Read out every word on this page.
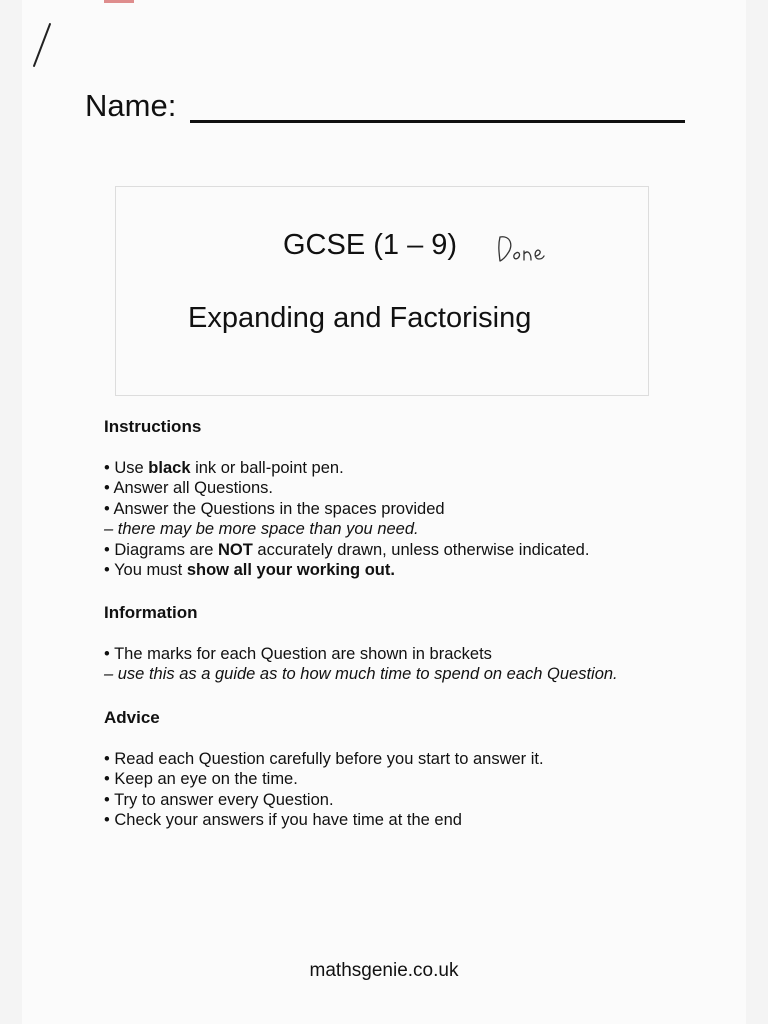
Name:
GCSE (1 – 9)
Expanding and Factorising
Instructions
• Use black ink or ball-point pen.
• Answer all Questions.
• Answer the Questions in the spaces provided
– there may be more space than you need.
• Diagrams are NOT accurately drawn, unless otherwise indicated.
• You must show all your working out.
Information
• The marks for each Question are shown in brackets
– use this as a guide as to how much time to spend on each Question.
Advice
• Read each Question carefully before you start to answer it.
• Keep an eye on the time.
• Try to answer every Question.
• Check your answers if you have time at the end
mathsgenie.co.uk
